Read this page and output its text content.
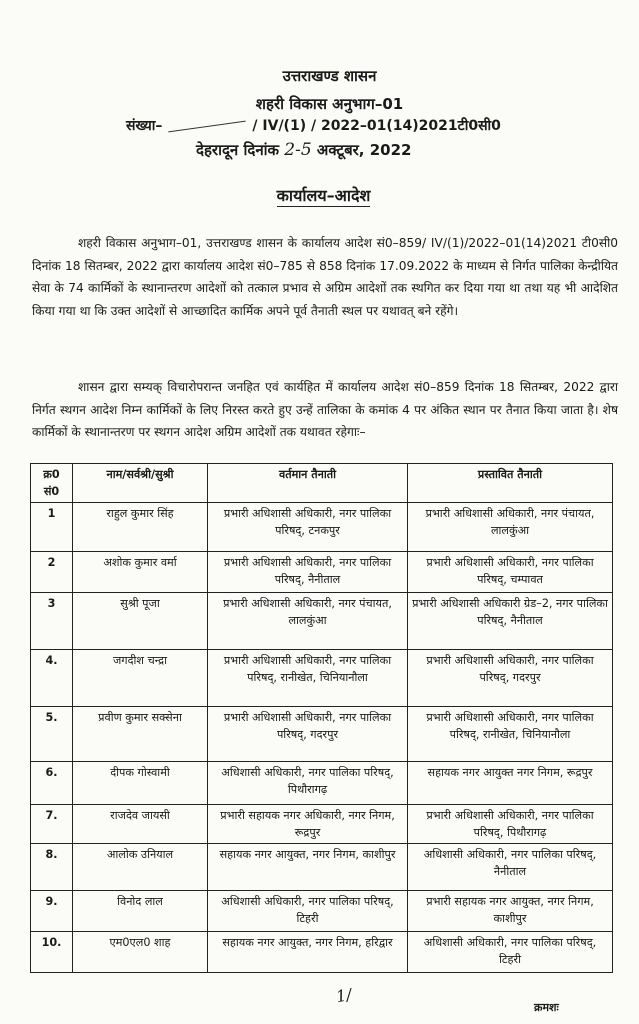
उत्तराखण्ड शासन
शहरी विकास अनुभाग–01
संख्या–	/ IV/(1) / 2022–01(14)2021टी0सी0
देहरादून दिनांक 2-5 अक्टूबर, 2022
कार्यालय–आदेश
शहरी विकास अनुभाग–01, उत्तराखण्ड शासन के कार्यालय आदेश सं0–859/ IV/(1)/2022–01(14)2021 टी0सी0 दिनांक 18 सितम्बर, 2022 द्वारा कार्यालय आदेश सं0–785 से 858 दिनांक 17.09.2022 के माध्यम से निर्गत पालिका केन्द्रीयित सेवा के 74 कार्मिकों के स्थानान्तरण आदेशों को तत्काल प्रभाव से अग्रिम आदेशों तक स्थगित कर दिया गया था तथा यह भी आदेशित किया गया था कि उक्त आदेशों से आच्छादित कार्मिक अपने पूर्व तैनाती स्थल पर यथावत् बने रहेंगे।
शासन द्वारा सम्यक् विचारोपरान्त जनहित एवं कार्यहित में कार्यालय आदेश सं0–859 दिनांक 18 सितम्बर, 2022 द्वारा निर्गत स्थगन आदेश निम्न कार्मिकों के लिए निरस्त करते हुए उन्हें तालिका के कमांक 4 पर अंकित स्थान पर तैनात किया जाता है। शेष कार्मिकों के स्थानान्तरण पर स्थगन आदेश अग्रिम आदेशों तक यथावत रहेगाः–
क्र0 सं0	नाम/सर्वश्री/सुश्री	वर्तमान तैनाती	प्रस्तावित तैनाती
1	राहुल कुमार सिंह	प्रभारी अधिशासी अधिकारी, नगर पालिका परिषद्, टनकपुर	प्रभारी अधिशासी अधिकारी, नगर पंचायत, लालकुंआ
2	अशोक कुमार वर्मा	प्रभारी अधिशासी अधिकारी, नगर पालिका परिषद्, नैनीताल	प्रभारी अधिशासी अधिकारी, नगर पालिका परिषद्, चम्पावत
3	सुश्री पूजा	प्रभारी अधिशासी अधिकारी, नगर पंचायत, लालकुंआ	प्रभारी अधिशासी अधिकारी ग्रेड–2, नगर पालिका परिषद्, नैनीताल
4.	जगदीश चन्द्रा	प्रभारी अधिशासी अधिकारी, नगर पालिका परिषद्, रानीखेत, चिनियानौला	प्रभारी अधिशासी अधिकारी, नगर पालिका परिषद्, गदरपुर
5.	प्रवीण कुमार सक्सेना	प्रभारी अधिशासी अधिकारी, नगर पालिका परिषद्, गदरपुर	प्रभारी अधिशासी अधिकारी, नगर पालिका परिषद्, रानीखेत, चिनियानौला
6.	दीपक गोस्वामी	अधिशासी अधिकारी, नगर पालिका परिषद्, पिथौरागढ़	सहायक नगर आयुक्त नगर निगम, रूद्रपुर
7.	राजदेव जायसी	प्रभारी सहायक नगर अधिकारी, नगर निगम, रूद्रपुर	प्रभारी अधिशासी अधिकारी, नगर पालिका परिषद्, पिथौरागढ़
8.	आलोक उनियाल	सहायक नगर आयुक्त, नगर निगम, काशीपुर	अधिशासी अधिकारी, नगर पालिका परिषद्, नैनीताल
9.	विनोद लाल	अधिशासी अधिकारी, नगर पालिका परिषद्, टिहरी	प्रभारी सहायक नगर आयुक्त, नगर निगम, काशीपुर
10.	एम0एल0 शाह	सहायक नगर आयुक्त, नगर निगम, हरिद्वार	अधिशासी अधिकारी, नगर पालिका परिषद्, टिहरी
1/
क्रमशः
